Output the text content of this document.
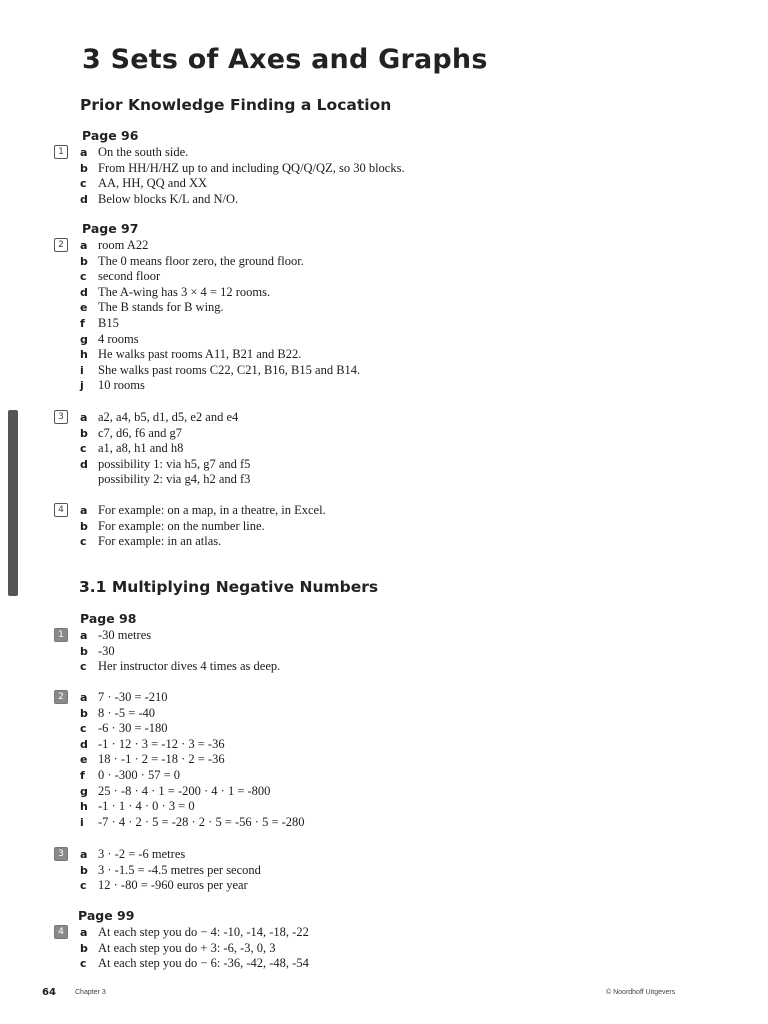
3 Sets of Axes and Graphs
Prior Knowledge Finding a Location
Page 96
1	a On the south side.
b From HH/H/HZ up to and including QQ/Q/QZ, so 30 blocks.
c AA, HH, QQ and XX
d Below blocks K/L and N/O.
Page 97
2	a room A22
b The 0 means floor zero, the ground floor.
c second floor
d The A-wing has 3 × 4 = 12 rooms.
e The B stands for B wing.
f B15
g 4 rooms
h He walks past rooms A11, B21 and B22.
i She walks past rooms C22, C21, B16, B15 and B14.
j 10 rooms
3	a a2, a4, b5, d1, d5, e2 and e4
b c7, d6, f6 and g7
c a1, a8, h1 and h8
d possibility 1: via h5, g7 and f5
possibility 2: via g4, h2 and f3
4	a For example: on a map, in a theatre, in Excel.
b For example: on the number line.
c For example: in an atlas.
3.1 Multiplying Negative Numbers
Page 98
1	a -30 metres
b -30
c Her instructor dives 4 times as deep.
2	a 7 · -30 = -210
b 8 · -5 = -40
c -6 · 30 = -180
d -1 · 12 · 3 = -12 · 3 = -36
e 18 · -1 · 2 = -18 · 2 = -36
f 0 · -300 · 57 = 0
g 25 · -8 · 4 · 1 = -200 · 4 · 1 = -800
h -1 · 1 · 4 · 0 · 3 = 0
i -7 · 4 · 2 · 5 = -28 · 2 · 5 = -56 · 5 = -280
3	a 3 · -2 = -6 metres
b 3 · -1.5 = -4.5 metres per second
c 12 · -80 = -960 euros per year
Page 99
4	a At each step you do − 4: -10, -14, -18, -22
b At each step you do + 3: -6, -3, 0, 3
c At each step you do − 6: -36, -42, -48, -54
64	Chapter 3	© Noordhoff Uitgevers
